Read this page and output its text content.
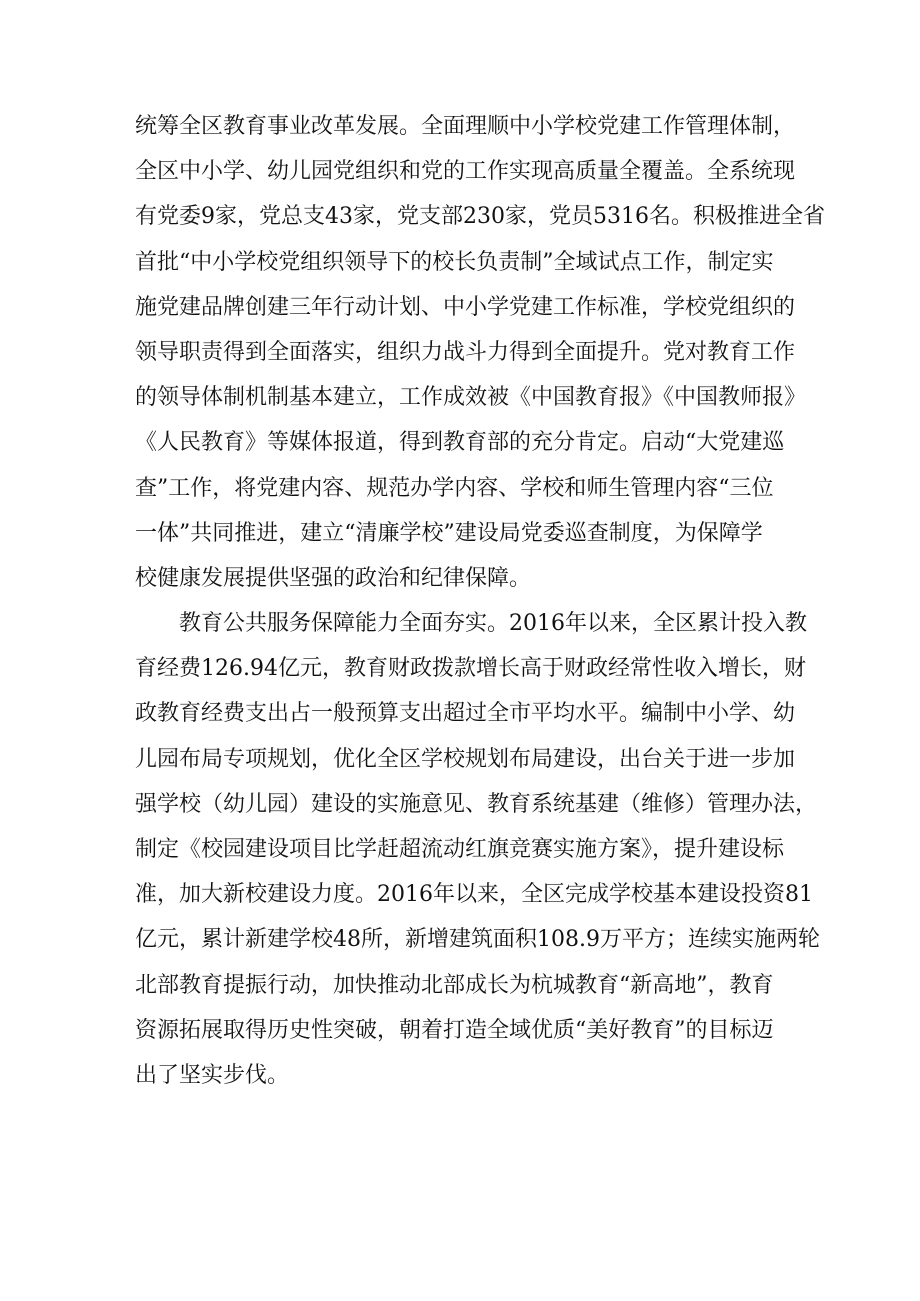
统筹全区教育事业改革发展。全面理顺中小学校党建工作管理体制，
全区中小学、幼儿园党组织和党的工作实现高质量全覆盖。全系统现
有党委9家，党总支43家，党支部230家，党员5316名。积极推进全省
首批“中小学校党组织领导下的校长负责制”全域试点工作，制定实
施党建品牌创建三年行动计划、中小学党建工作标准，学校党组织的
领导职责得到全面落实，组织力战斗力得到全面提升。党对教育工作
的领导体制机制基本建立，工作成效被《中国教育报》《中国教师报》
《人民教育》等媒体报道，得到教育部的充分肯定。启动“大党建巡
查”工作，将党建内容、规范办学内容、学校和师生管理内容“三位
一体”共同推进，建立“清廉学校”建设局党委巡查制度，为保障学
校健康发展提供坚强的政治和纪律保障。
　　教育公共服务保障能力全面夯实。2016年以来，全区累计投入教
育经费126.94亿元，教育财政拨款增长高于财政经常性收入增长，财
政教育经费支出占一般预算支出超过全市平均水平。编制中小学、幼
儿园布局专项规划，优化全区学校规划布局建设，出台关于进一步加
强学校（幼儿园）建设的实施意见、教育系统基建（维修）管理办法，
制定《校园建设项目比学赶超流动红旗竞赛实施方案》，提升建设标
准，加大新校建设力度。2016年以来，全区完成学校基本建设投资81
亿元，累计新建学校48所，新增建筑面积108.9万平方；连续实施两轮
北部教育提振行动，加快推动北部成长为杭城教育“新高地”，教育
资源拓展取得历史性突破，朝着打造全域优质“美好教育”的目标迈
出了坚实步伐。
